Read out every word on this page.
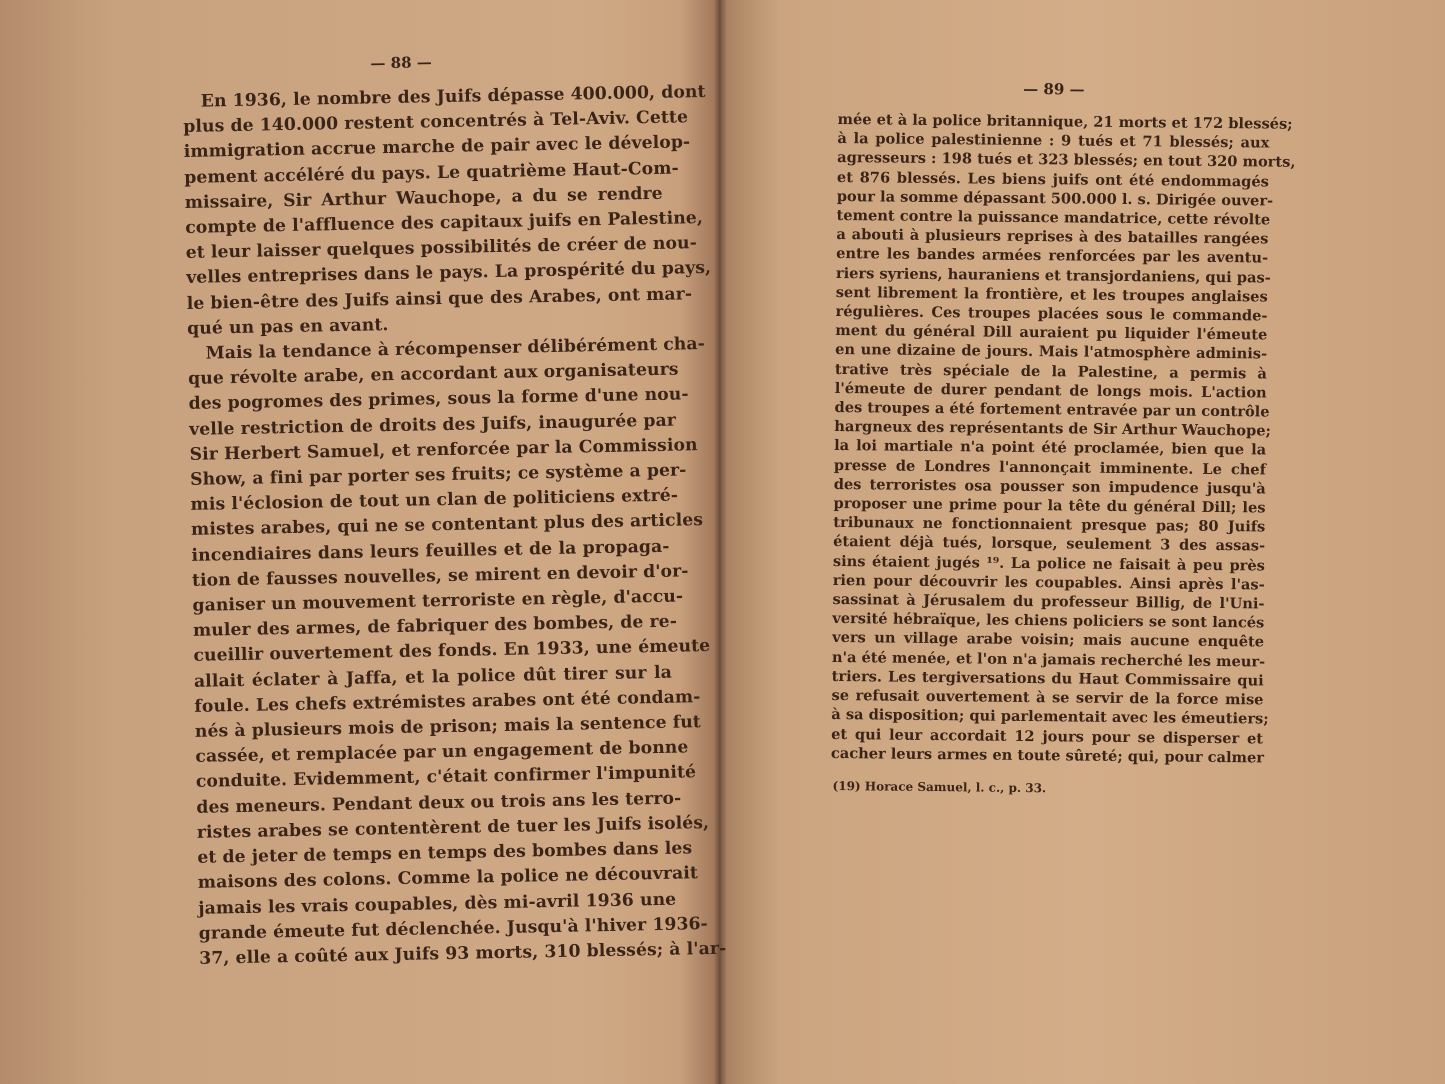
— 88 —
En 1936, le nombre des Juifs dépasse 400.000, dont
plus de 140.000 restent concentrés à Tel-Aviv. Cette
immigration accrue marche de pair avec le dévelop-
pement accéléré du pays. Le quatrième Haut-Com-
missaire, Sir Arthur Wauchope, a du se rendre
compte de l'affluence des capitaux juifs en Palestine,
et leur laisser quelques possibilités de créer de nou-
velles entreprises dans le pays. La prospérité du pays,
le bien-être des Juifs ainsi que des Arabes, ont mar-
qué un pas en avant.
Mais la tendance à récompenser délibérément cha-
que révolte arabe, en accordant aux organisateurs
des pogromes des primes, sous la forme d'une nou-
velle restriction de droits des Juifs, inaugurée par
Sir Herbert Samuel, et renforcée par la Commission
Show, a fini par porter ses fruits; ce système a per-
mis l'éclosion de tout un clan de politiciens extré-
mistes arabes, qui ne se contentant plus des articles
incendiaires dans leurs feuilles et de la propaga-
tion de fausses nouvelles, se mirent en devoir d'or-
ganiser un mouvement terroriste en règle, d'accu-
muler des armes, de fabriquer des bombes, de re-
cueillir ouvertement des fonds. En 1933, une émeute
allait éclater à Jaffa, et la police dût tirer sur la
foule. Les chefs extrémistes arabes ont été condam-
nés à plusieurs mois de prison; mais la sentence fut
cassée, et remplacée par un engagement de bonne
conduite. Evidemment, c'était confirmer l'impunité
des meneurs. Pendant deux ou trois ans les terro-
ristes arabes se contentèrent de tuer les Juifs isolés,
et de jeter de temps en temps des bombes dans les
maisons des colons. Comme la police ne découvrait
jamais les vrais coupables, dès mi-avril 1936 une
grande émeute fut déclenchée. Jusqu'à l'hiver 1936-
37, elle a coûté aux Juifs 93 morts, 310 blessés; à l'ar-
— 89 —
mée et à la police britannique, 21 morts et 172 blessés;
à la police palestinienne : 9 tués et 71 blessés; aux
agresseurs : 198 tués et 323 blessés; en tout 320 morts,
et 876 blessés. Les biens juifs ont été endommagés
pour la somme dépassant 500.000 l. s. Dirigée ouver-
tement contre la puissance mandatrice, cette révolte
a abouti à plusieurs reprises à des batailles rangées
entre les bandes armées renforcées par les aventu-
riers syriens, hauraniens et transjordaniens, qui pas-
sent librement la frontière, et les troupes anglaises
régulières. Ces troupes placées sous le commande-
ment du général Dill auraient pu liquider l'émeute
en une dizaine de jours. Mais l'atmosphère adminis-
trative très spéciale de la Palestine, a permis à
l'émeute de durer pendant de longs mois. L'action
des troupes a été fortement entravée par un contrôle
hargneux des représentants de Sir Arthur Wauchope;
la loi martiale n'a point été proclamée, bien que la
presse de Londres l'annonçait imminente. Le chef
des terroristes osa pousser son impudence jusqu'à
proposer une prime pour la tête du général Dill; les
tribunaux ne fonctionnaient presque pas; 80 Juifs
étaient déjà tués, lorsque, seulement 3 des assas-
sins étaient jugés ¹⁹. La police ne faisait à peu près
rien pour découvrir les coupables. Ainsi après l'as-
sassinat à Jérusalem du professeur Billig, de l'Uni-
versité hébraïque, les chiens policiers se sont lancés
vers un village arabe voisin; mais aucune enquête
n'a été menée, et l'on n'a jamais recherché les meur-
triers. Les tergiversations du Haut Commissaire qui
se refusait ouvertement à se servir de la force mise
à sa disposition; qui parlementait avec les émeutiers;
et qui leur accordait 12 jours pour se disperser et
cacher leurs armes en toute sûreté; qui, pour calmer
(19) Horace Samuel, l. c., p. 33.
